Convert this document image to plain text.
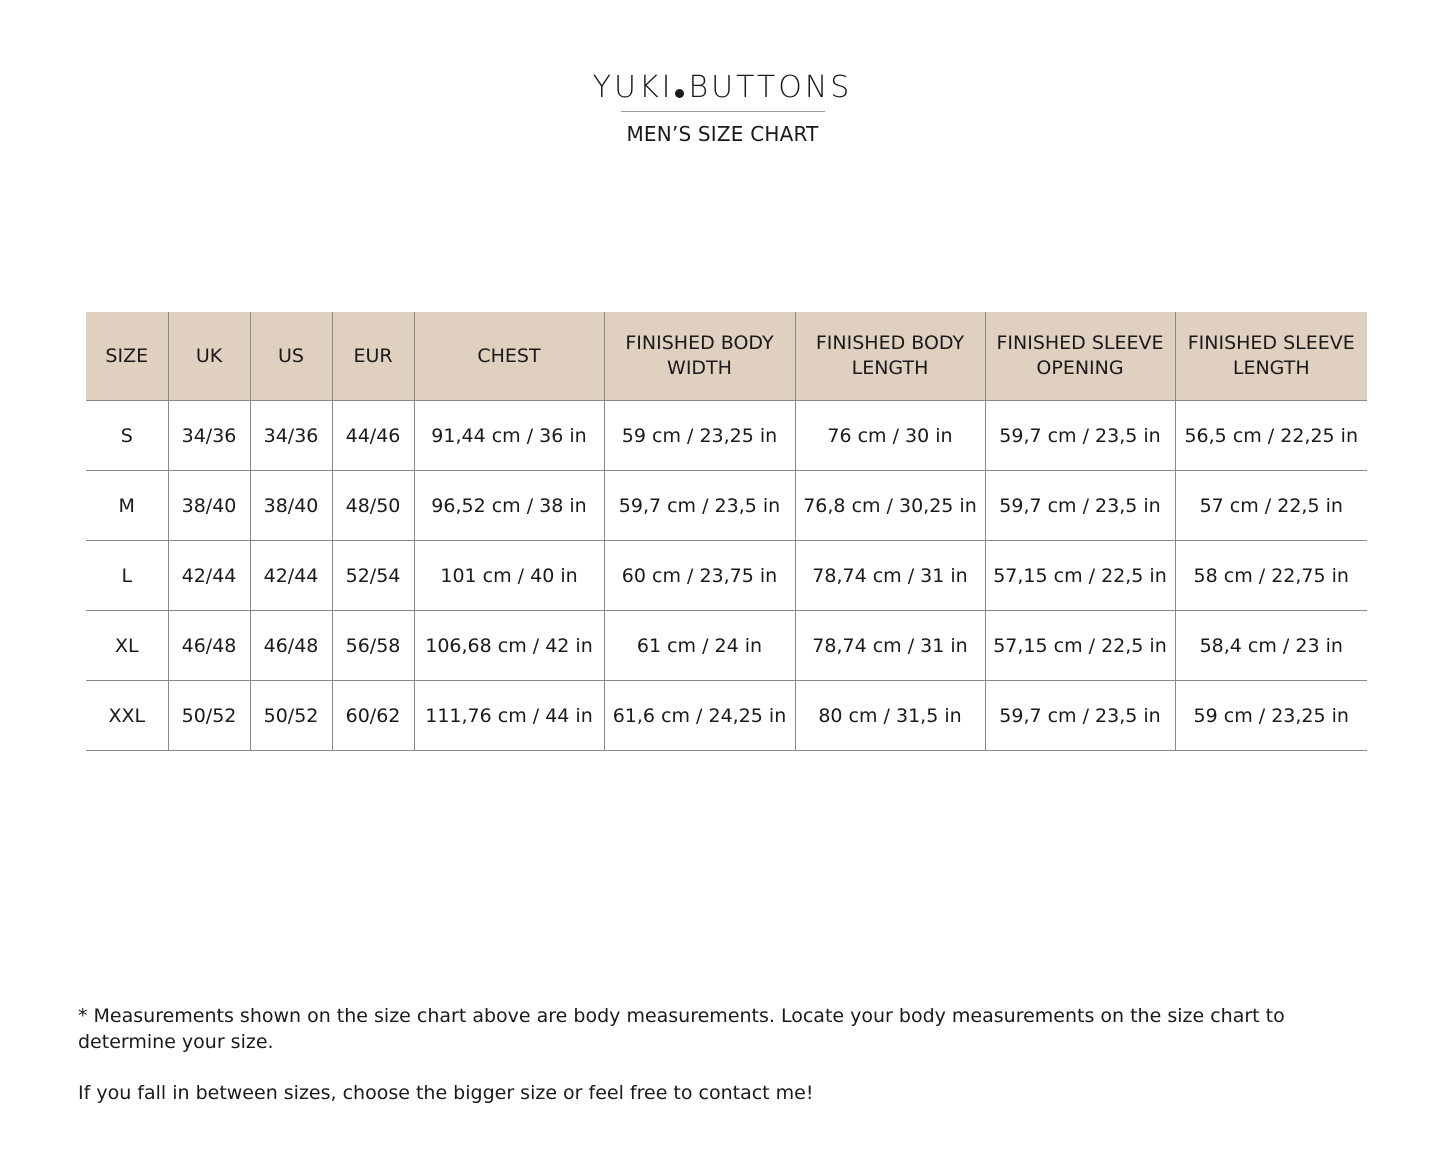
YUKI BUTTONS
MEN’S SIZE CHART
SIZE	UK	US	EUR	CHEST	FINISHED BODY WIDTH	FINISHED BODY LENGTH	FINISHED SLEEVE OPENING	FINISHED SLEEVE LENGTH
S	34/36	34/36	44/46	91,44 cm / 36 in	59 cm / 23,25 in	76 cm / 30 in	59,7 cm / 23,5 in	56,5 cm / 22,25 in
M	38/40	38/40	48/50	96,52 cm / 38 in	59,7 cm / 23,5 in	76,8 cm / 30,25 in	59,7 cm / 23,5 in	57 cm / 22,5 in
L	42/44	42/44	52/54	101 cm / 40 in	60 cm / 23,75 in	78,74 cm / 31 in	57,15 cm / 22,5 in	58 cm / 22,75 in
XL	46/48	46/48	56/58	106,68 cm / 42 in	61 cm / 24 in	78,74 cm / 31 in	57,15 cm / 22,5 in	58,4 cm / 23 in
XXL	50/52	50/52	60/62	111,76 cm / 44 in	61,6 cm / 24,25 in	80 cm / 31,5 in	59,7 cm / 23,5 in	59 cm / 23,25 in

* Measurements shown on the size chart above are body measurements. Locate your body measurements on the size chart to determine your size.

If you fall in between sizes, choose the bigger size or feel free to contact me!
